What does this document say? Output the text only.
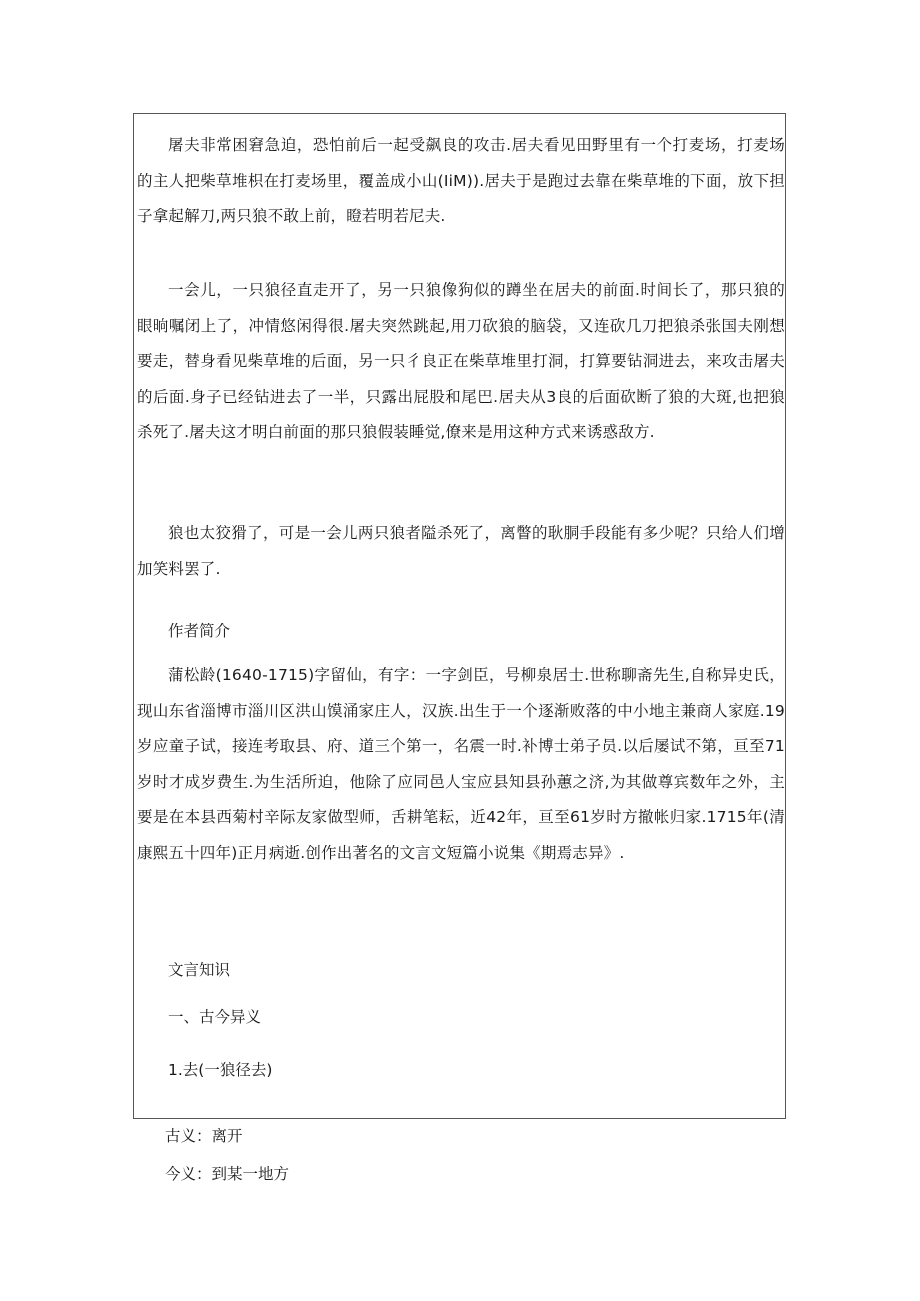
屠夫非常困窘急迫，恐怕前后一起受飙良的攻击.居夫看见田野里有一个打麦场，打麦场的主人把柴草堆枳在打麦场里，覆盖成小山(IiM)).居夫于是跑过去靠在柴草堆的下面，放下担子拿起解刀,两只狼不敢上前，瞪若明若尼夫.

一会儿，一只狼径直走开了，另一只狼像狗似的蹲坐在居夫的前面.时间长了，那只狼的眼晌嘱闭上了，冲情悠闲得很.屠夫突然跳起,用刀砍狼的脑袋，又连砍几刀把狼杀张国夫刚想要走，替身看见柴草堆的后面，另一只彳良正在柴草堆里打洞，打算要钻洞进去，来攻击屠夫的后面.身子已经钻进去了一半，只露出屁股和尾巴.居夫从3良的后面砍断了狼的大斑,也把狼杀死了.屠夫这才明白前面的那只狼假装睡觉,僚来是用这种方式来诱惑敌方.

狼也太狡猾了，可是一会儿两只狼者隘杀死了，离瞥的耿胴手段能有多少呢？只给人们增加笑料罢了.

作者简介

蒲松龄(1640-1715)字留仙，有字：一字剑臣，号柳泉居士.世称聊斋先生,自称异史氏，现山东省淄博市淄川区洪山馍涌家庄人，汉族.出生于一个逐渐败落的中小地主兼商人家庭.19岁应童子试，接连考取县、府、道三个第一，名震一时.补博士弟子员.以后屡试不第，亘至71岁时才成岁费生.为生活所迫，他除了应同邑人宝应县知县孙蕙之济,为其做尊宾数年之外，主要是在本县西菊村辛际友家做型师，舌耕笔耘，近42年，亘至61岁时方撤帐归家.1715年(清康熙五十四年)正月病逝.创作出著名的文言文短篇小说集《期焉志异》.

文言知识

一、古今异义

1.去(一狼径去)

古义：离开

今义：到某一地方
